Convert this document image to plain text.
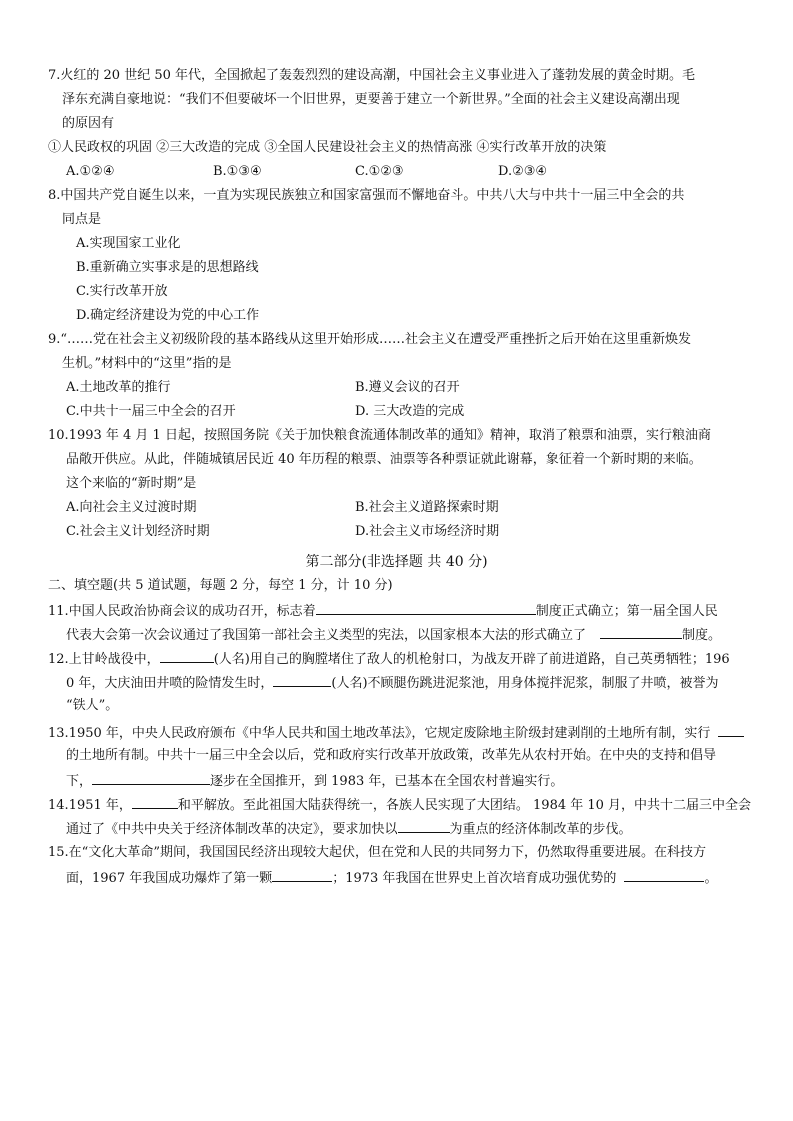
7.火红的 20 世纪 50 年代，全国掀起了轰轰烈烈的建设高潮，中国社会主义事业进入了蓬勃发展的黄金时期。毛
泽东充满自豪地说：“我们不但要破坏一个旧世界，更要善于建立一个新世界。”全面的社会主义建设高潮出现
的原因有
①人民政权的巩固 ②三大改造的完成 ③全国人民建设社会主义的热情高涨 ④实行改革开放的决策
A.①②④	B.①③④	C.①②③	D.②③④
8.中国共产党自诞生以来，一直为实现民族独立和国家富强而不懈地奋斗。中共八大与中共十一届三中全会的共
同点是
A.实现国家工业化
B.重新确立实事求是的思想路线
C.实行改革开放
D.确定经济建设为党的中心工作
9.“……党在社会主义初级阶段的基本路线从这里开始形成……社会主义在遭受严重挫折之后开始在这里重新焕发
生机。”材料中的“这里”指的是
A.土地改革的推行	B.遵义会议的召开
C.中共十一届三中全会的召开	D. 三大改造的完成
10.1993 年 4 月 1 日起，按照国务院《关于加快粮食流通体制改革的通知》精神，取消了粮票和油票，实行粮油商
品敞开供应。从此，伴随城镇居民近 40 年历程的粮票、油票等各种票证就此谢幕，象征着一个新时期的来临。
这个来临的“新时期”是
A.向社会主义过渡时期	B.社会主义道路探索时期
C.社会主义计划经济时期	D.社会主义市场经济时期
第二部分(非选择题 共 40 分)
二、填空题(共 5 道试题，每题 2 分，每空 1 分，计 10 分)
11.中国人民政治协商会议的成功召开，标志着	制度正式确立；第一届全国人民
代表大会第一次会议通过了我国第一部社会主义类型的宪法，以国家根本大法的形式确立了	制度。
12.上甘岭战役中，	(人名)用自己的胸膛堵住了敌人的机枪射口，为战友开辟了前进道路，自己英勇牺牲；196
0 年，大庆油田井喷的险情发生时，	(人名)不顾腿伤跳进泥浆池，用身体搅拌泥浆，制服了井喷，被誉为
“铁人”。
13.1950 年，中央人民政府颁布《中华人民共和国土地改革法》，它规定废除地主阶级封建剥削的土地所有制，实行
的土地所有制。中共十一届三中全会以后，党和政府实行改革开放政策，改革先从农村开始。在中央的支持和倡导
下，	逐步在全国推开，到 1983 年，已基本在全国农村普遍实行。
14.1951 年，	和平解放。至此祖国大陆获得统一，各族人民实现了大团结。 1984 年 10 月，中共十二届三中全会
通过了《中共中央关于经济体制改革的决定》，要求加快以	为重点的经济体制改革的步伐。
15.在“文化大革命”期间，我国国民经济出现较大起伏，但在党和人民的共同努力下，仍然取得重要进展。在科技方
面，1967 年我国成功爆炸了第一颗	；1973 年我国在世界史上首次培育成功强优势的	。
